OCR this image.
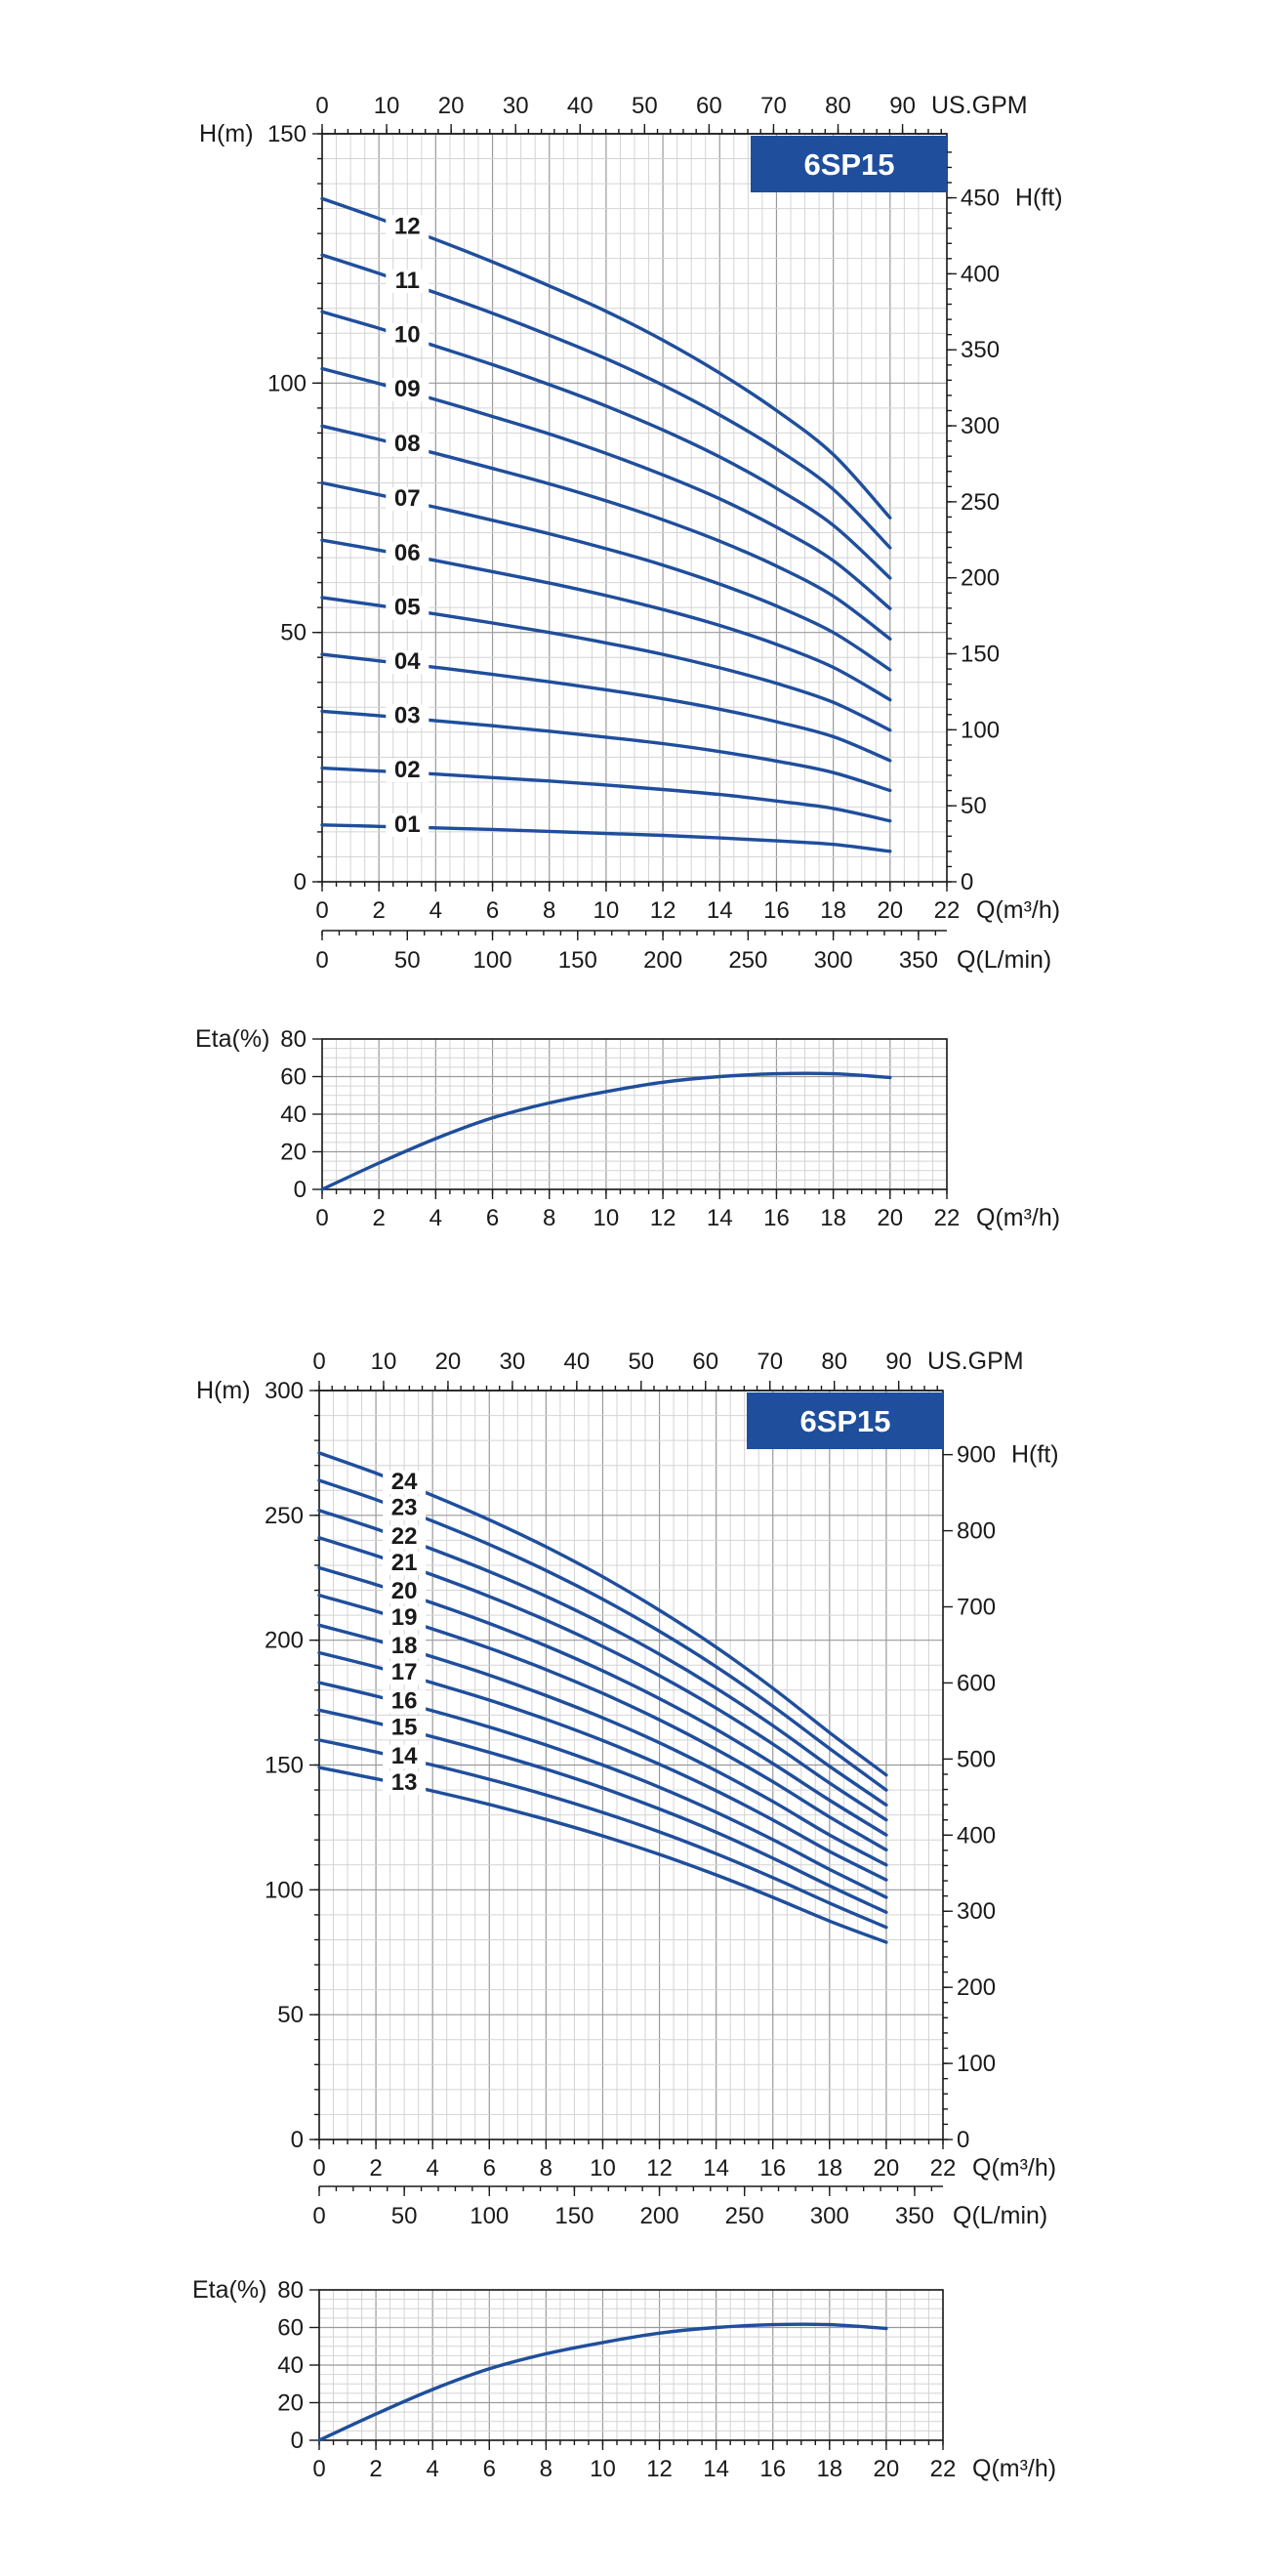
0 2 4 6 8 10 12 14 16 18 20 22 Q(m³/h)
0
50
100
150
H(m)
0 10 20 30 40 50 60 70 80 90 US.GPM
0
50
100
150
200
250
300
350
400
450 H(ft)
6SP15
01
02
03
04
05
06
07
08
09
10
11
12
0	50 100 150 200 250 300 350 Q(L/min)
0
20
40
60
80
Eta(%)
0 2 4 6 8 10 12 14 16 18 20 22 Q(m³/h)
0 2 4 6 8 10 12 14 16 18 20 22 Q(m³/h)
0
50
100
150
200
250
300
H(m)
0 10 20 30 40 50 60 70 80 90 US.GPM
0
100
200
300
400
500
600
700
800
900 H(ft)
6SP15
13
14
15
16
17
18
19
20
21
22
23
24
0	50 100 150 200 250 300 350 Q(L/min)
0
20
40
60
80
Eta(%)
0 2 4 6 8 10 12 14 16 18 20 22 Q(m³/h)
